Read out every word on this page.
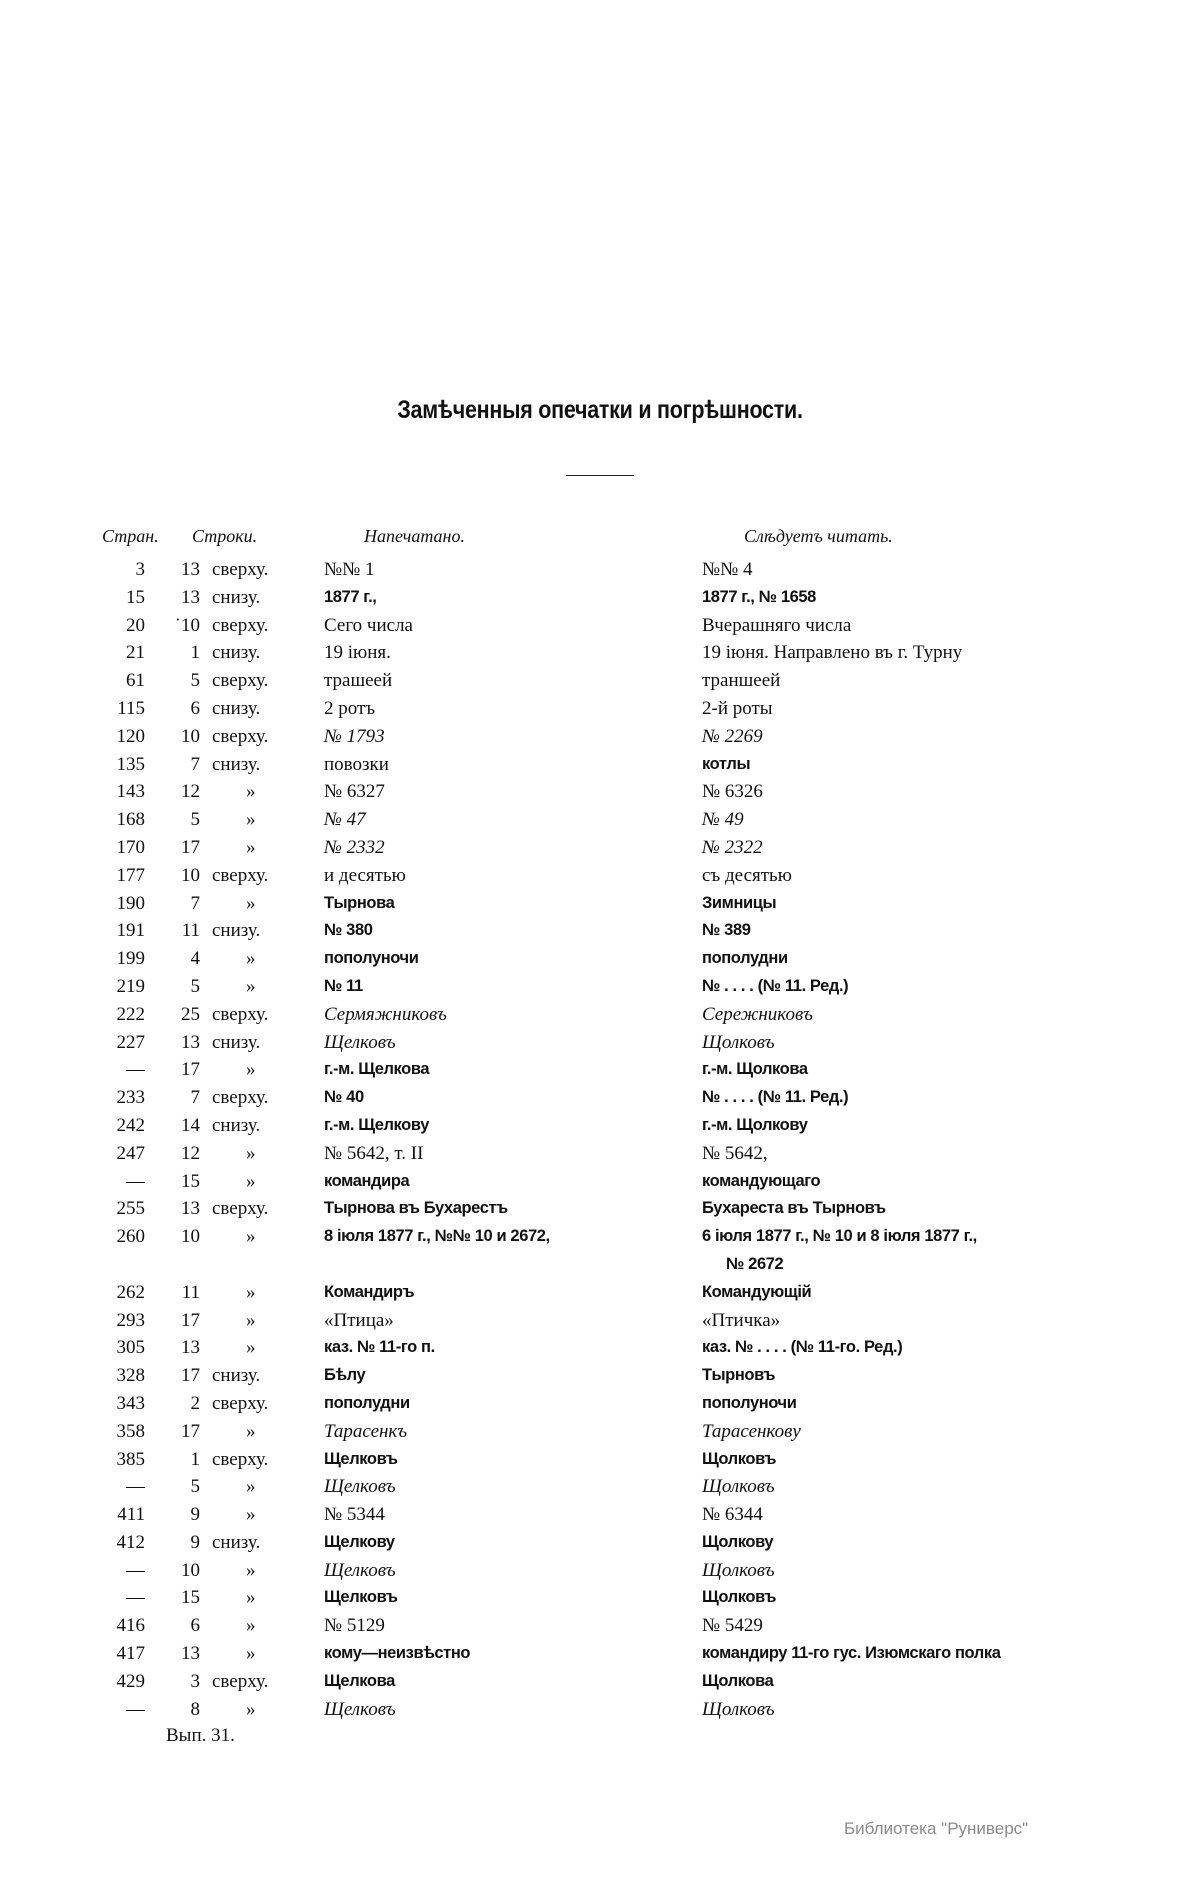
Замѣченныя опечатки и погрѣшности.
Стран. Строки.	Напечатано.	Слѣдуетъ читать.
3 13 сверху.	№№ 1	№№ 4
15 13 снизу.	1877 г.,	1877 г., № 1658
20 ˙10 сверху.	Сего числа	Вчерашняго числа
21 1 снизу.	19 іюня.	19 іюня. Направлено въ г. Турну
61 5 сверху.	трашеей	траншеей
115 6 снизу.	2 ротъ	2-й роты
120 10 сверху.	№ 1793	№ 2269
135 7 снизу.	повозки	котлы
143 12 »	№ 6327	№ 6326
168 5 »	№ 47	№ 49
170 17 »	№ 2332	№ 2322
177 10 сверху.	и десятью	съ десятью
190 7 »	Тырнова	Зимницы
191 11 снизу.	№ 380	№ 389
199 4 »	пополуночи	пополудни
219 5 »	№ 11	№ . . . . (№ 11. Ред.)
222 25 сверху.	Сермяжниковъ	Сережниковъ
227 13 снизу.	Щелковъ	Щолковъ
— 17 »	г.-м. Щелкова	г.-м. Щолкова
233 7 сверху.	№ 40	№ . . . . (№ 11. Ред.)
242 14 снизу.	г.-м. Щелкову	г.-м. Щолкову
247 12 »	№ 5642, т. II	№ 5642,
— 15 »	командира	командующаго
255 13 сверху.	Тырнова въ Бухарестъ	Бухареста въ Тырновъ
260 10 »	8 іюля 1877 г., №№ 10 и 2672,	6 іюля 1877 г., № 10 и 8 іюля 1877 г.,
№ 2672
262 11 »	Командиръ	Командующій
293 17 »	«Птица»	«Птичка»
305 13 »	каз. № 11-го п.	каз. № . . . . (№ 11-го. Ред.)
328 17 снизу.	Бѣлу	Тырновъ
343 2 сверху.	пополудни	пополуночи
358 17 »	Тарасенкъ	Тарасенкову
385 1 сверху.	Щелковъ	Щолковъ
— 5 »	Щелковъ	Щолковъ
411 9 »	№ 5344	№ 6344
412 9 снизу.	Щелкову	Щолкову
— 10 »	Щелковъ	Щолковъ
— 15 »	Щелковъ	Щолковъ
416 6 »	№ 5129	№ 5429
417 13 »	кому—неизвѣстно	командиру 11-го гус. Изюмскаго полка
429 3 сверху.	Щелкова	Щолкова
— 8 »	Щелковъ	Щолковъ
Вып. 31.
Библиотека "Руниверс"
